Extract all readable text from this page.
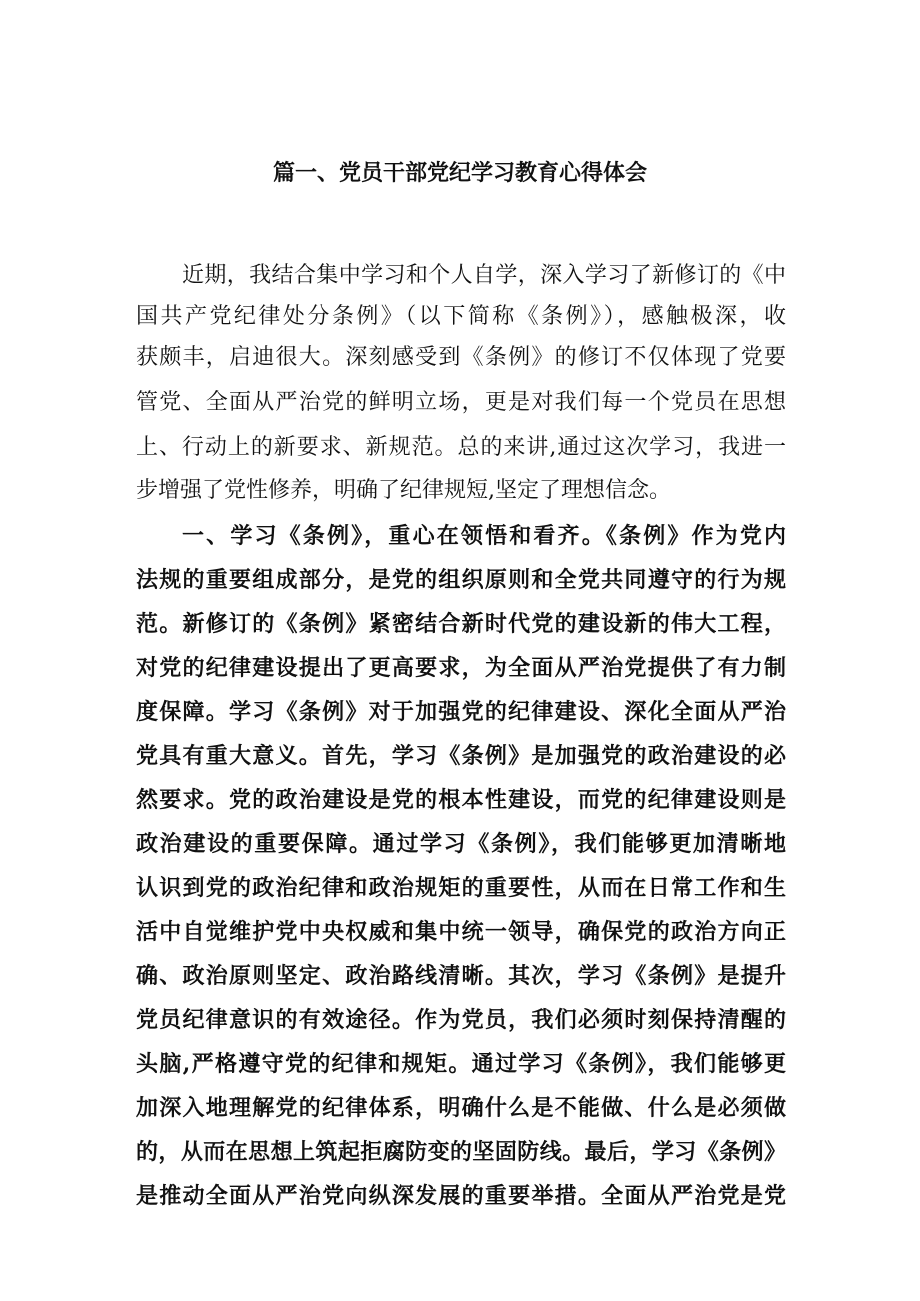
篇一、党员干部党纪学习教育心得体会

近期，我结合集中学习和个人自学，深入学习了新修订的《中

国共产党纪律处分条例》（以下简称《条例》），感触极深，收

获颇丰，启迪很大。深刻感受到《条例》的修订不仅体现了党要

管党、全面从严治党的鲜明立场，更是对我们每一个党员在思想

上、行动上的新要求、新规范。总的来讲,通过这次学习，我进一

步增强了党性修养，明确了纪律规短,坚定了理想信念。

一、学习《条例》，重心在领悟和看齐。《条例》作为党内

法规的重要组成部分，是党的组织原则和全党共同遵守的行为规

范。新修订的《条例》紧密结合新时代党的建设新的伟大工程，

对党的纪律建设提出了更高要求，为全面从严治党提供了有力制

度保障。学习《条例》对于加强党的纪律建设、深化全面从严治

党具有重大意义。首先，学习《条例》是加强党的政治建设的必

然要求。党的政治建设是党的根本性建设，而党的纪律建设则是

政治建设的重要保障。通过学习《条例》，我们能够更加清晰地

认识到党的政治纪律和政治规矩的重要性，从而在日常工作和生

活中自觉维护党中央权威和集中统一领导，确保党的政治方向正

确、政治原则坚定、政治路线清晰。其次，学习《条例》是提升

党员纪律意识的有效途径。作为党员，我们必须时刻保持清醒的

头脑,严格遵守党的纪律和规矩。通过学习《条例》，我们能够更

加深入地理解党的纪律体系，明确什么是不能做、什么是必须做

的，从而在思想上筑起拒腐防变的坚固防线。最后，学习《条例》

是推动全面从严治党向纵深发展的重要举措。全面从严治党是党
